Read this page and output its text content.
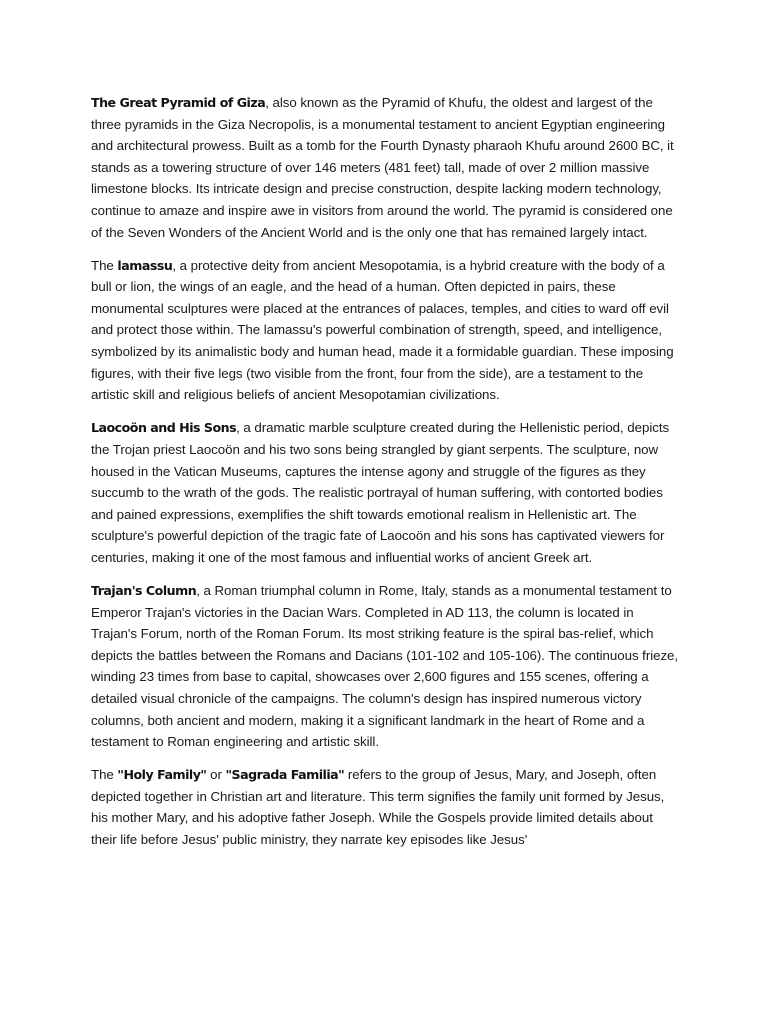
The Great Pyramid of Giza, also known as the Pyramid of Khufu, the oldest and largest of the three pyramids in the Giza Necropolis, is a monumental testament to ancient Egyptian engineering and architectural prowess. Built as a tomb for the Fourth Dynasty pharaoh Khufu around 2600 BC, it stands as a towering structure of over 146 meters (481 feet) tall, made of over 2 million massive limestone blocks. Its intricate design and precise construction, despite lacking modern technology, continue to amaze and inspire awe in visitors from around the world. The pyramid is considered one of the Seven Wonders of the Ancient World and is the only one that has remained largely intact.

The lamassu, a protective deity from ancient Mesopotamia, is a hybrid creature with the body of a bull or lion, the wings of an eagle, and the head of a human. Often depicted in pairs, these monumental sculptures were placed at the entrances of palaces, temples, and cities to ward off evil and protect those within. The lamassu's powerful combination of strength, speed, and intelligence, symbolized by its animalistic body and human head, made it a formidable guardian. These imposing figures, with their five legs (two visible from the front, four from the side), are a testament to the artistic skill and religious beliefs of ancient Mesopotamian civilizations.

Laocoön and His Sons, a dramatic marble sculpture created during the Hellenistic period, depicts the Trojan priest Laocoön and his two sons being strangled by giant serpents. The sculpture, now housed in the Vatican Museums, captures the intense agony and struggle of the figures as they succumb to the wrath of the gods. The realistic portrayal of human suffering, with contorted bodies and pained expressions, exemplifies the shift towards emotional realism in Hellenistic art. The sculpture's powerful depiction of the tragic fate of Laocoön and his sons has captivated viewers for centuries, making it one of the most famous and influential works of ancient Greek art.

Trajan's Column, a Roman triumphal column in Rome, Italy, stands as a monumental testament to Emperor Trajan's victories in the Dacian Wars. Completed in AD 113, the column is located in Trajan's Forum, north of the Roman Forum. Its most striking feature is the spiral bas-relief, which depicts the battles between the Romans and Dacians (101-102 and 105-106). The continuous frieze, winding 23 times from base to capital, showcases over 2,600 figures and 155 scenes, offering a detailed visual chronicle of the campaigns. The column's design has inspired numerous victory columns, both ancient and modern, making it a significant landmark in the heart of Rome and a testament to Roman engineering and artistic skill.

The "Holy Family" or "Sagrada Familia" refers to the group of Jesus, Mary, and Joseph, often depicted together in Christian art and literature. This term signifies the family unit formed by Jesus, his mother Mary, and his adoptive father Joseph. While the Gospels provide limited details about their life before Jesus' public ministry, they narrate key episodes like Jesus'
